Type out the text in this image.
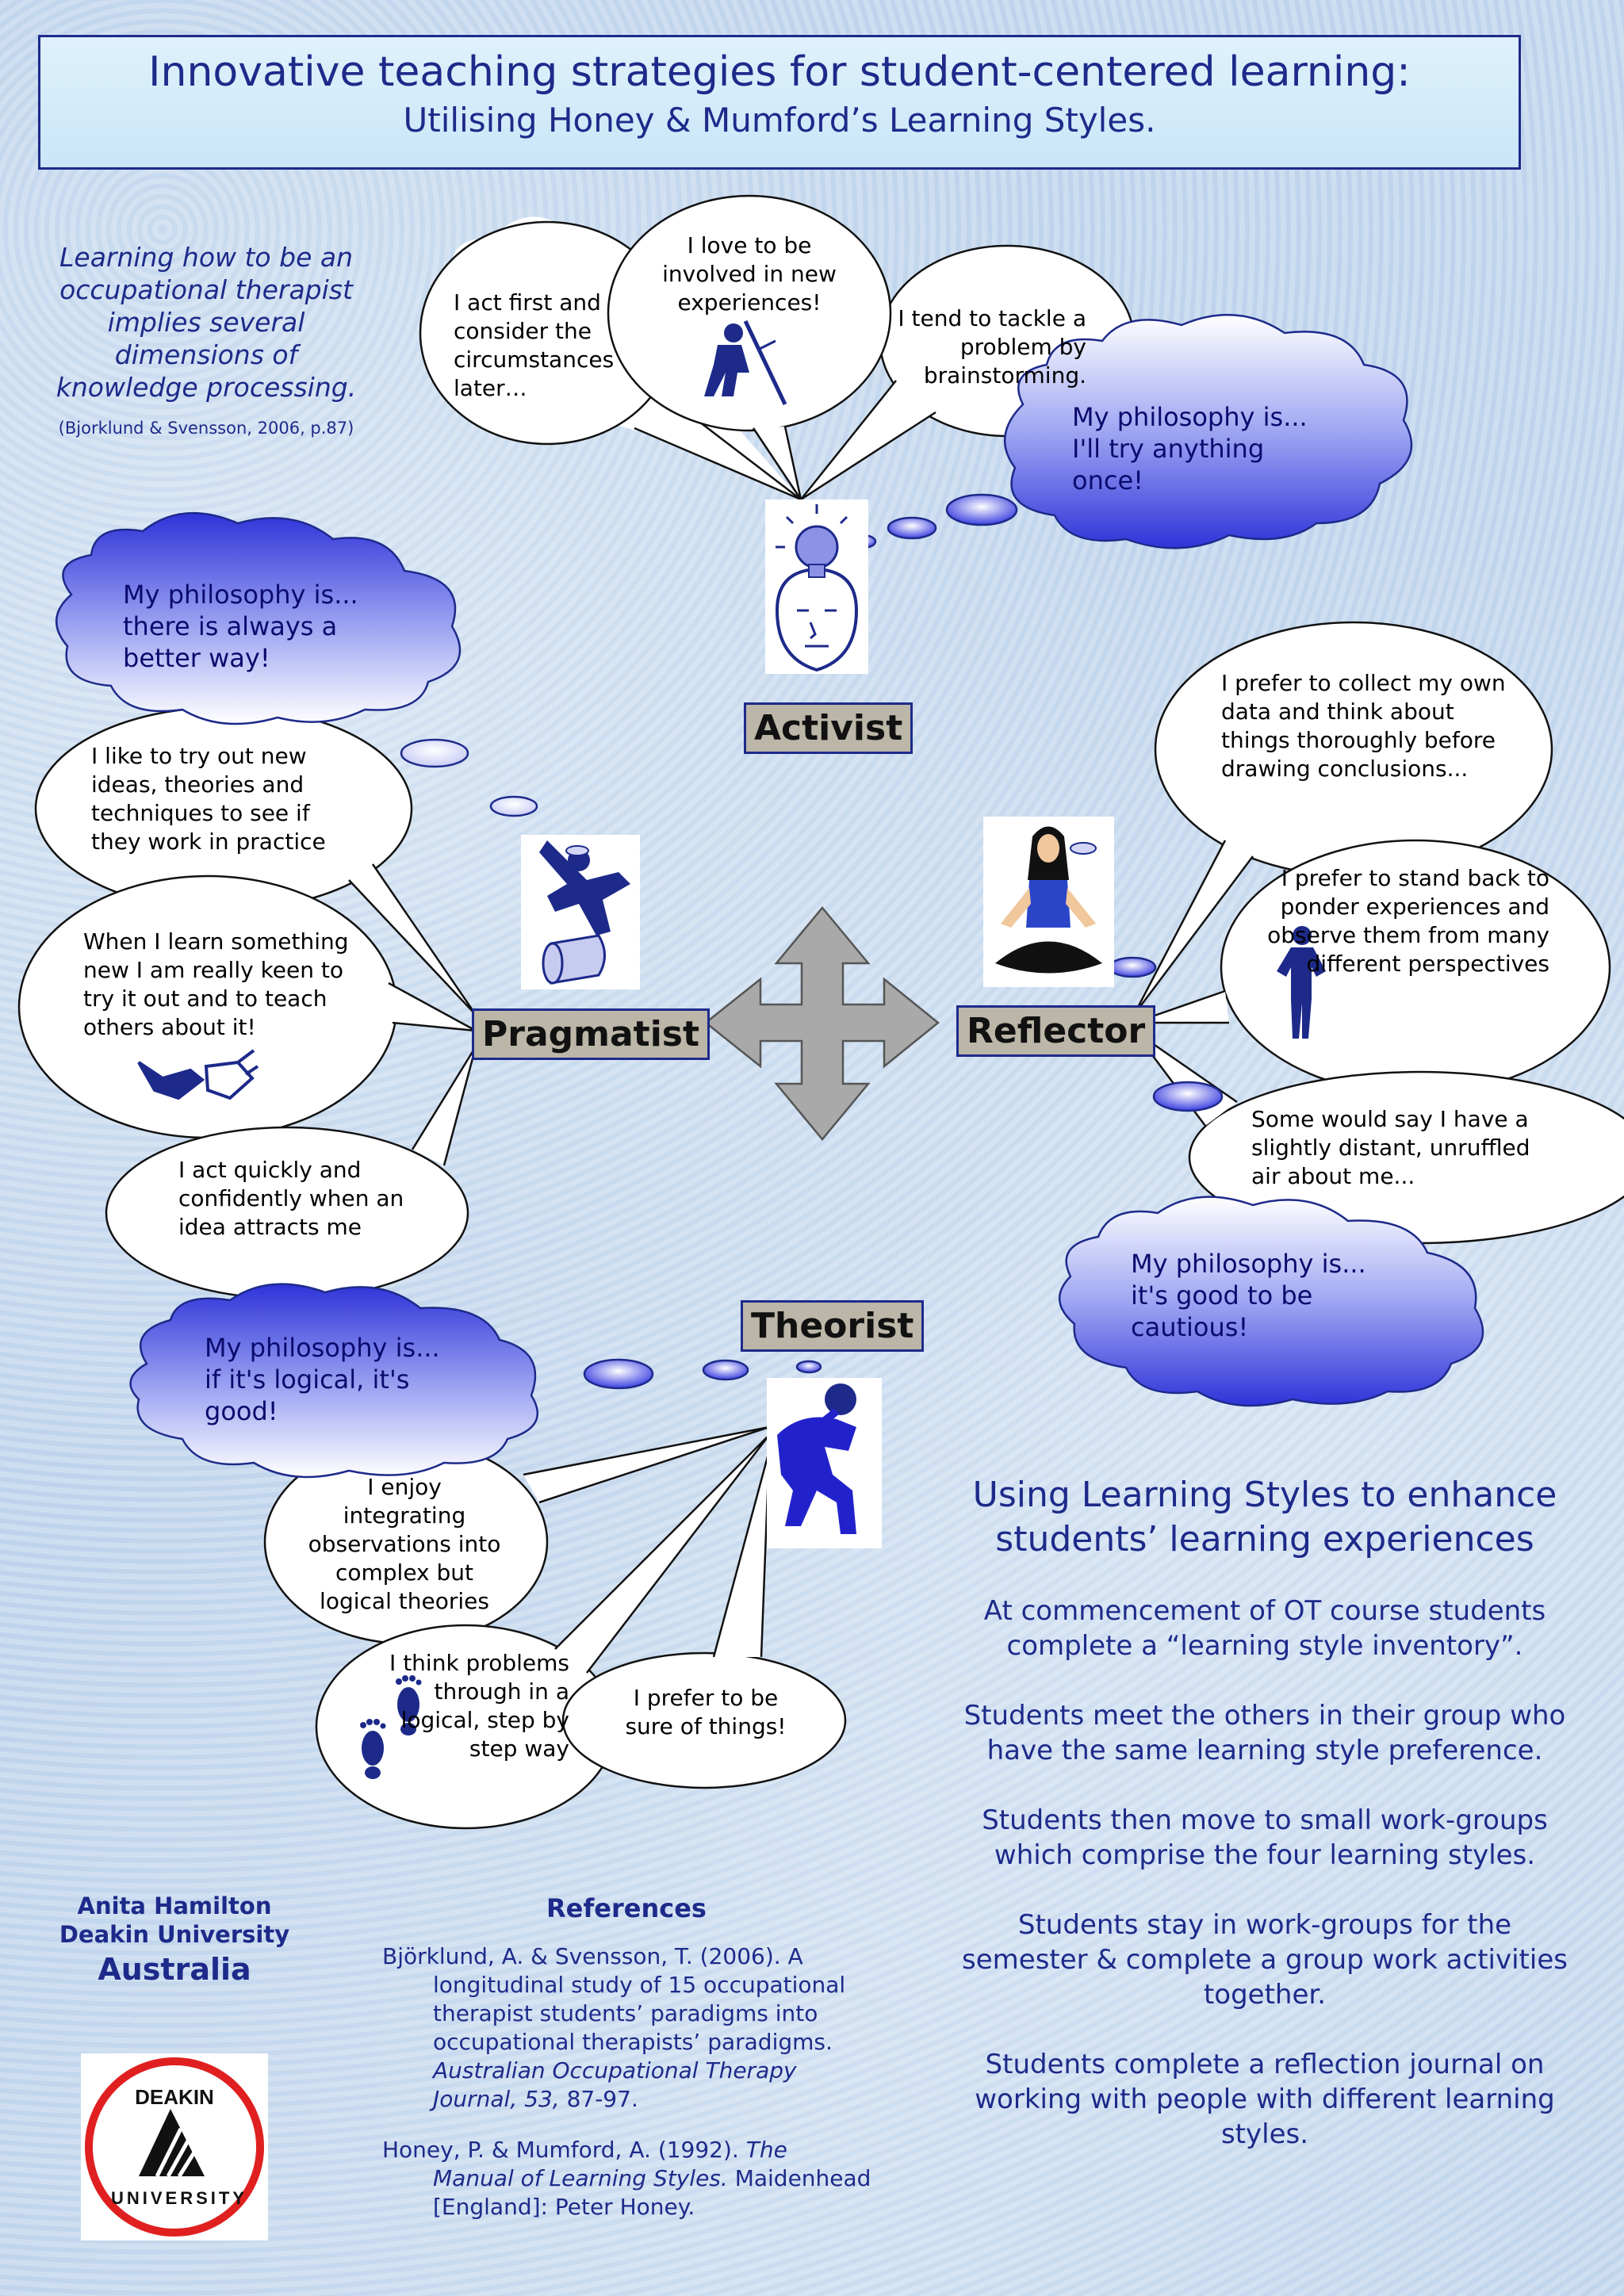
Innovative teaching strategies for student-centered learning:
Utilising Honey & Mumford’s Learning Styles.
Learning how to be an occupational therapist implies several dimensions of knowledge processing.
(Bjorklund & Svensson, 2006, p.87)
I act first and consider the circumstances later…
I love to be involved in new experiences!
I tend to tackle a problem by brainstorming.
My philosophy is... I'll try anything once!
Activist
I like to try out new ideas, theories and techniques to see if they work in practice
When I learn something new I am really keen to try it out and to teach others about it!
I act quickly and confidently when an idea attracts me
My philosophy is... there is always a better way!
Pragmatist
I prefer to collect my own data and think about things thoroughly before drawing conclusions...
I prefer to stand back to ponder experiences and observe them from many different perspectives
Some would say I have a slightly distant, unruffled air about me...
My philosophy is... it's good to be cautious!
Reflector
I enjoy integrating observations into complex but logical theories
I think problems through in a logical, step by step way
I prefer to be sure of things!
My philosophy is... if it's logical, it's good!
Theorist
Using Learning Styles to enhance students’ learning experiences
At commencement of OT course students complete a “learning style inventory”.
Students meet the others in their group who have the same learning style preference.
Students then move to small work-groups which comprise the four learning styles.
Students stay in work-groups for the semester & complete a group work activities together.
Students complete a reflection journal on working with people with different learning styles.
Anita Hamilton
Deakin University
Australia
DEAKIN
UNIVERSITY
References
Björklund, A. & Svensson, T. (2006). A longitudinal study of 15 occupational therapist students’ paradigms into occupational therapists’ paradigms. Australian Occupational Therapy Journal, 53, 87-97.
Honey, P. & Mumford, A. (1992). The Manual of Learning Styles. Maidenhead [England]: Peter Honey.
